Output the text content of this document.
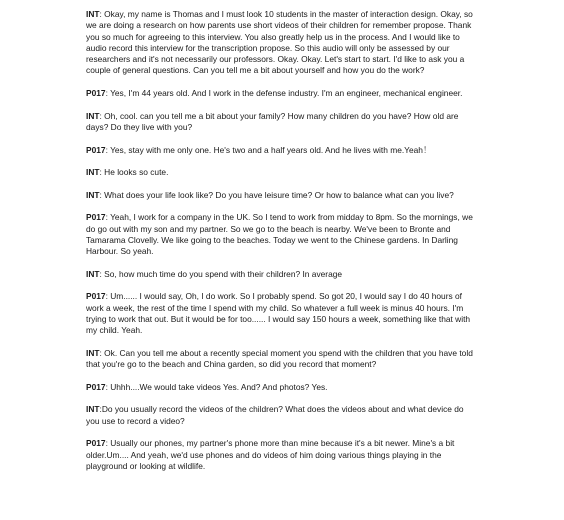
INT: Okay, my name is Thomas and I must look 10 students in the master of interaction design. Okay, so we are doing a research on how parents use short videos of their children for remember propose. Thank you so much for agreeing to this interview. You also greatly help us in the process. And I would like to audio record this interview for the transcription propose. So this audio will only be assessed by our researchers and it's not necessarily our professors. Okay. Okay. Let's start to start. I'd like to ask you a couple of general questions. Can you tell me a bit about yourself and how you do the work?

P017: Yes, I'm 44 years old. And I work in the defense industry. I'm an engineer, mechanical engineer.

INT: Oh, cool. can you tell me a bit about your family? How many children do you have? How old are days? Do they live with you?

P017: Yes, stay with me only one. He's two and a half years old. And he lives with me.Yeah！

INT: He looks so cute.

INT: What does your life look like? Do you have leisure time? Or how to balance what can you live?

P017: Yeah, I work for a company in the UK. So I tend to work from midday to 8pm. So the mornings, we do go out with my son and my partner. So we go to the beach is nearby. We've been to Bronte and Tamarama Clovelly. We like going to the beaches. Today we went to the Chinese gardens. In Darling Harbour. So yeah.

INT: So, how much time do you spend with their children? In average

P017: Um...... I would say, Oh, I do work. So I probably spend. So got 20, I would say I do 40 hours of work a week, the rest of the time I spend with my child. So whatever a full week is minus 40 hours. I'm trying to work that out. But it would be for too...... I would say 150 hours a week, something like that with my child. Yeah.

INT: Ok. Can you tell me about a recently special moment you spend with the children that you have told that you're go to the beach and China garden, so did you record that moment?

P017: Uhhh....We would take videos Yes. And? And photos? Yes.

INT:Do you usually record the videos of the children? What does the videos about and what device do you use to record a video?

P017: Usually our phones, my partner's phone more than mine because it's a bit newer. Mine's a bit older.Um.... And yeah, we'd use phones and do videos of him doing various things playing in the playground or looking at wildlife.
